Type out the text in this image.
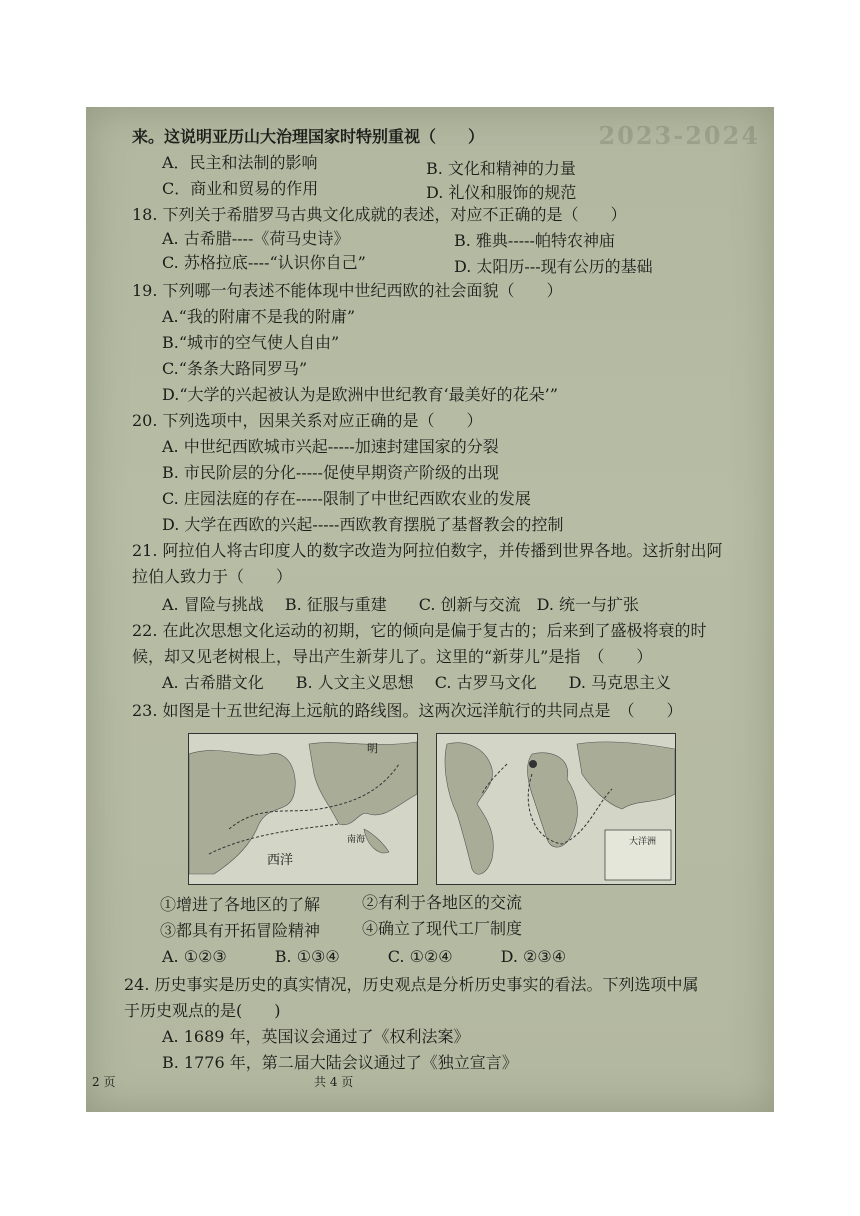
2023-2024
来。这说明亚历山大治理国家时特别重视（　　）
A．民主和法制的影响	B. 文化和精神的力量
C．商业和贸易的作用	D. 礼仪和服饰的规范
18. 下列关于希腊罗马古典文化成就的表述，对应不正确的是（　　）
A. 古希腊----《荷马史诗》	B. 雅典-----帕特农神庙
C. 苏格拉底----“认识你自己”	D. 太阳历---现有公历的基础
19. 下列哪一句表述不能体现中世纪西欧的社会面貌（　　）
A.“我的附庸不是我的附庸”
B.“城市的空气使人自由”
C.“条条大路同罗马”
D.“大学的兴起被认为是欧洲中世纪教育‘最美好的花朵’”
20. 下列选项中，因果关系对应正确的是（　　）
A. 中世纪西欧城市兴起-----加速封建国家的分裂
B. 市民阶层的分化-----促使早期资产阶级的出现
C. 庄园法庭的存在-----限制了中世纪西欧农业的发展
D. 大学在西欧的兴起-----西欧教育摆脱了基督教会的控制
21. 阿拉伯人将古印度人的数字改造为阿拉伯数字，并传播到世界各地。这折射出阿
拉伯人致力于（　　）
A. 冒险与挑战　 B. 征服与重建　　C. 创新与交流　D. 统一与扩张
22. 在此次思想文化运动的初期，它的倾向是偏于复古的；后来到了盛极将衰的时
候，却又见老树根上，导出产生新芽儿了。这里的“新芽儿”是指　（　　）
A. 古希腊文化　　B. 人文主义思想　 C. 古罗马文化　　D. 马克思主义
23. 如图是十五世纪海上远航的路线图。这两次远洋航行的共同点是　（　　）
明
南海
西洋
大洋洲
①增进了各地区的了解	②有利于各地区的交流
③都具有开拓冒险精神	④确立了现代工厂制度
A. ①②③　　　B. ①③④　　　C. ①②④　　　D. ②③④
24. 历史事实是历史的真实情况，历史观点是分析历史事实的看法。下列选项中属
于历史观点的是(　　)
A. 1689 年，英国议会通过了《权利法案》
B. 1776 年，第二届大陆会议通过了《独立宣言》
2 页	共 4 页
